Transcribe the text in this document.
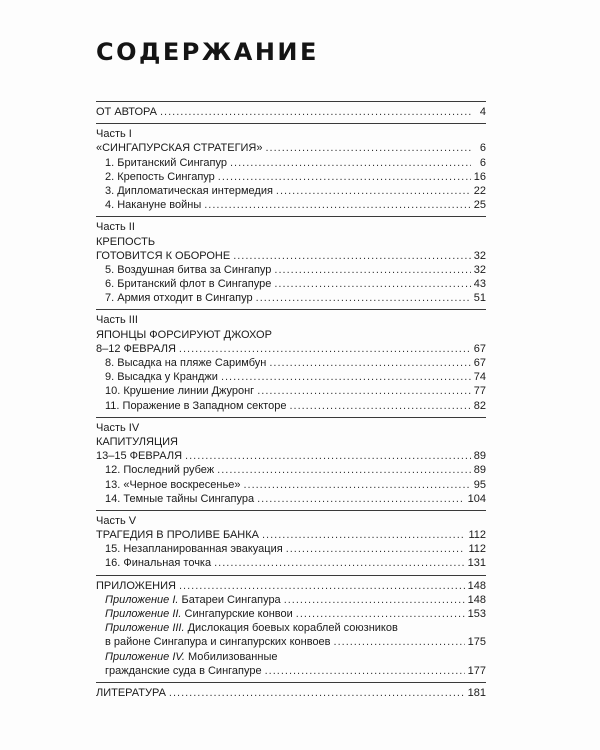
СОДЕРЖАНИЕ
ОТ АВТОРА .....	4
Часть I
«СИНГАПУРСКАЯ СТРАТЕГИЯ» .....	6
1. Британский Сингапур .....	6
2. Крепость Сингапур .....	16
3. Дипломатическая интермедия .....	22
4. Накануне войны .....	25
Часть II
КРЕПОСТЬ
ГОТОВИТСЯ К ОБОРОНЕ .....	32
5. Воздушная битва за Сингапур .....	32
6. Британский флот в Сингапуре .....	43
7. Армия отходит в Сингапур .....	51
Часть III
ЯПОНЦЫ ФОРСИРУЮТ ДЖОХОР
8–12 ФЕВРАЛЯ .....	67
8. Высадка на пляже Саримбун .....	67
9. Высадка у Кранджи .....	74
10. Крушение линии Джуронг .....	77
11. Поражение в Западном секторе .....	82
Часть IV
КАПИТУЛЯЦИЯ
13–15 ФЕВРАЛЯ .....	89
12. Последний рубеж .....	89
13. «Черное воскресенье» .....	95
14. Темные тайны Сингапура .....	104
Часть V
ТРАГЕДИЯ В ПРОЛИВЕ БАНКА .....	112
15. Незапланированная эвакуация .....	112
16. Финальная точка .....	131
ПРИЛОЖЕНИЯ .....	148
Приложение I. Батареи Сингапура .....	148
Приложение II. Сингапурские конвои .....	153
Приложение III. Дислокация боевых кораблей союзников
в районе Сингапура и сингапурских конвоев .....	175
Приложение IV. Мобилизованные
гражданские суда в Сингапуре .....	177
ЛИТЕРАТУРА .....	181
